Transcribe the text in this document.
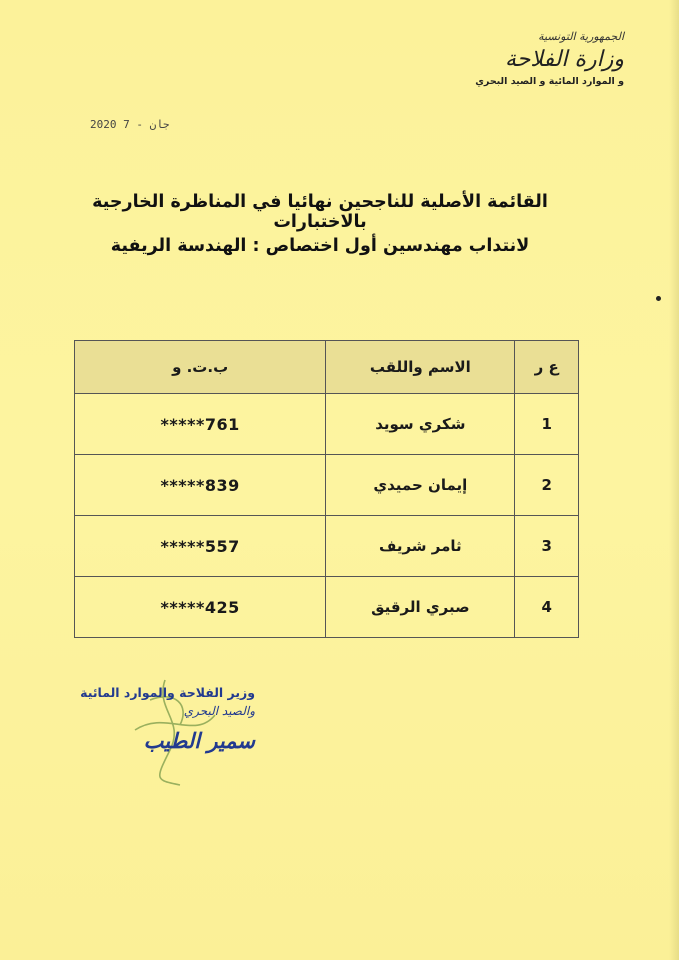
الجمهورية التونسية
وزارة الفلاحة
و الموارد المائية و الصيد البحري
2020 جان - 7
القائمة الأصلية للناجحين نهائيا في المناظرة الخارجية بالاختبارات
لانتداب مهندسين أول اختصاص : الهندسة الريفية
ع ر	الاسم واللقب	ب.ت. و
1	شكري سويد	*****761
2	إيمان حميدي	*****839
3	ثامر شريف	*****557
4	صبري الرقيق	*****425
وزير الفلاحة والموارد المائية
والصيد البحري
سمير الطيب
